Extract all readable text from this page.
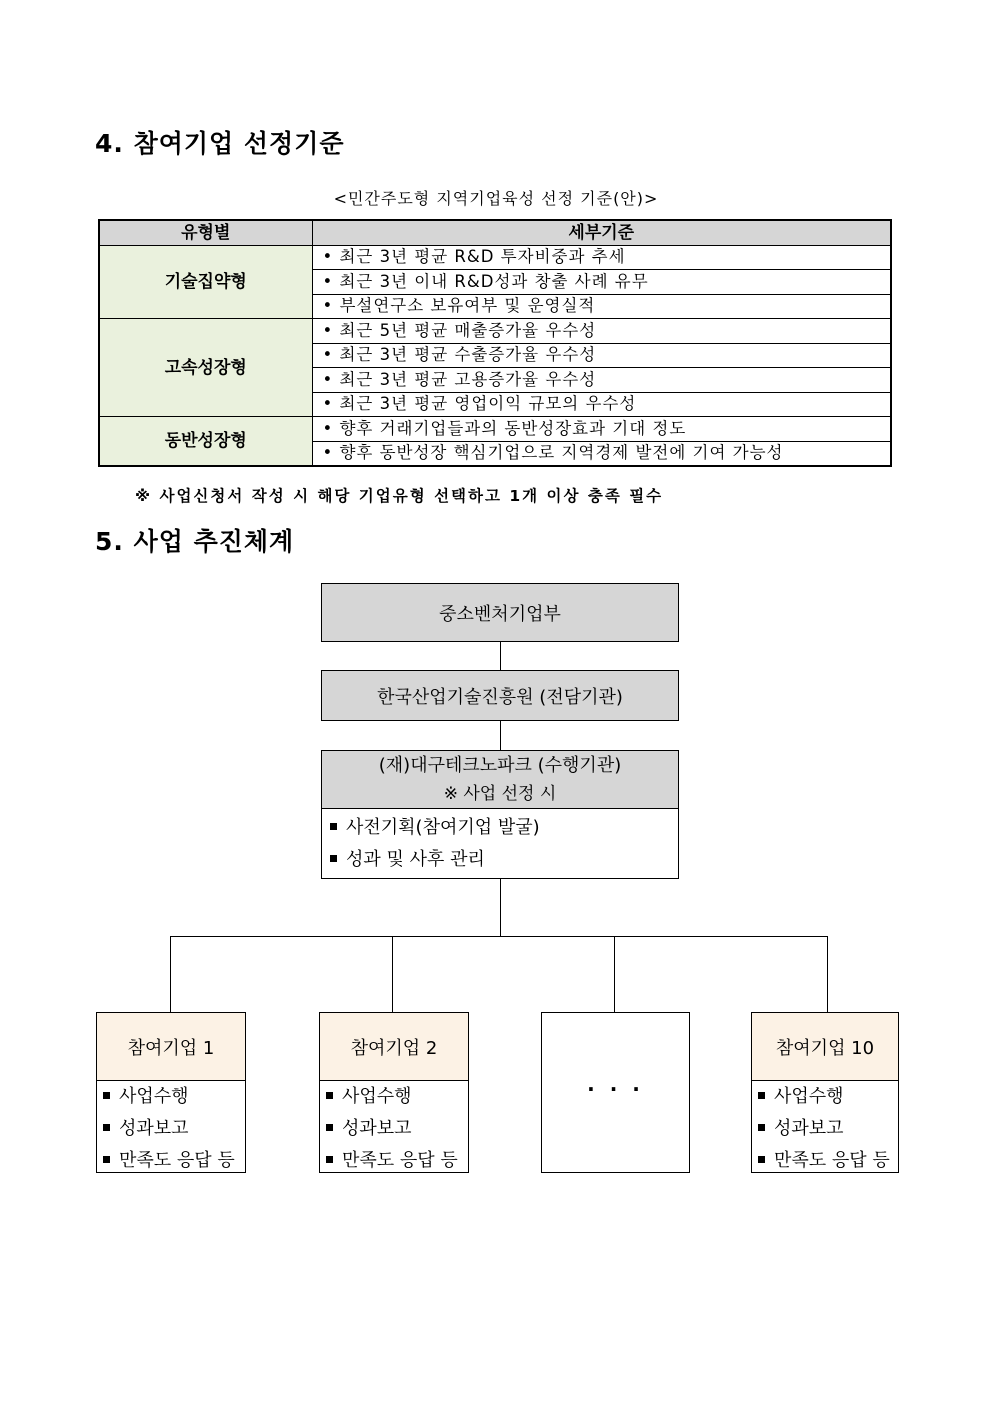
4. 참여기업 선정기준
<민간주도형 지역기업육성 선정 기준(안)>
유형별	세부기준
기술집약형	• 최근 3년 평균 R&D 투자비중과 추세
	• 최근 3년 이내 R&D성과 창출 사례 유무
	• 부설연구소 보유여부 및 운영실적
고속성장형	• 최근 5년 평균 매출증가율 우수성
	• 최근 3년 평균 수출증가율 우수성
	• 최근 3년 평균 고용증가율 우수성
	• 최근 3년 평균 영업이익 규모의 우수성
동반성장형	• 향후 거래기업들과의 동반성장효과 기대 정도
	• 향후 동반성장 핵심기업으로 지역경제 발전에 기여 가능성
※ 사업신청서 작성 시 해당 기업유형 선택하고 1개 이상 충족 필수
5. 사업 추진체계
중소벤처기업부
한국산업기술진흥원 (전담기관)
(재)대구테크노파크 (수행기관)
※ 사업 선정 시
사전기획(참여기업 발굴)
성과 및 사후 관리
참여기업 1
사업수행
성과보고
만족도 응답 등
참여기업 2
사업수행
성과보고
만족도 응답 등
· · ·
참여기업 10
사업수행
성과보고
만족도 응답 등
